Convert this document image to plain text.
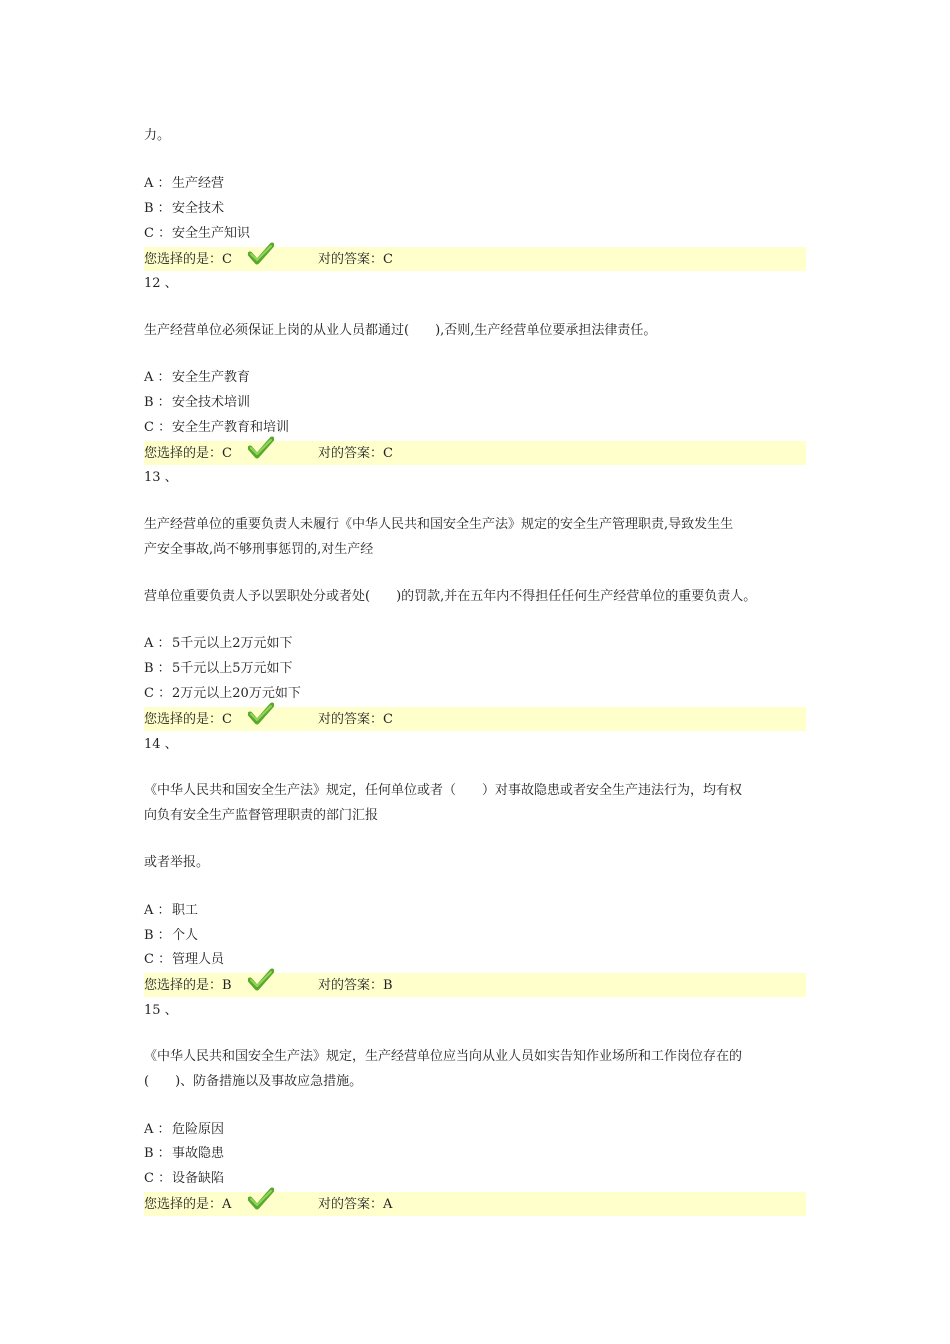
力。
A ：生产经营
B ：安全技术
C ：安全生产知识
您选择的是：C	对的答案：C
12 、
生产经营单位必须保证上岗的从业人员都通过(　　),否则,生产经营单位要承担法律责任。
A ：安全生产教育
B ：安全技术培训
C ：安全生产教育和培训
您选择的是：C	对的答案：C
13 、
生产经营单位的重要负责人未履行《中华人民共和国安全生产法》规定的安全生产管理职责,导致发生生
产安全事故,尚不够刑事惩罚的,对生产经
营单位重要负责人予以罢职处分或者处(　　)的罚款,并在五年内不得担任任何生产经营单位的重要负责人。
A ：5千元以上2万元如下
B ：5千元以上5万元如下
C ：2万元以上20万元如下
您选择的是：C	对的答案：C
14 、
《中华人民共和国安全生产法》规定，任何单位或者（　　）对事故隐患或者安全生产违法行为，均有权
向负有安全生产监督管理职责的部门汇报
或者举报。
A ：职工
B ：个人
C ：管理人员
您选择的是：B	对的答案：B
15 、
《中华人民共和国安全生产法》规定，生产经营单位应当向从业人员如实告知作业场所和工作岗位存在的
(　　)、防备措施以及事故应急措施。
A ：危险原因
B ：事故隐患
C ：设备缺陷
您选择的是：A	对的答案：A
